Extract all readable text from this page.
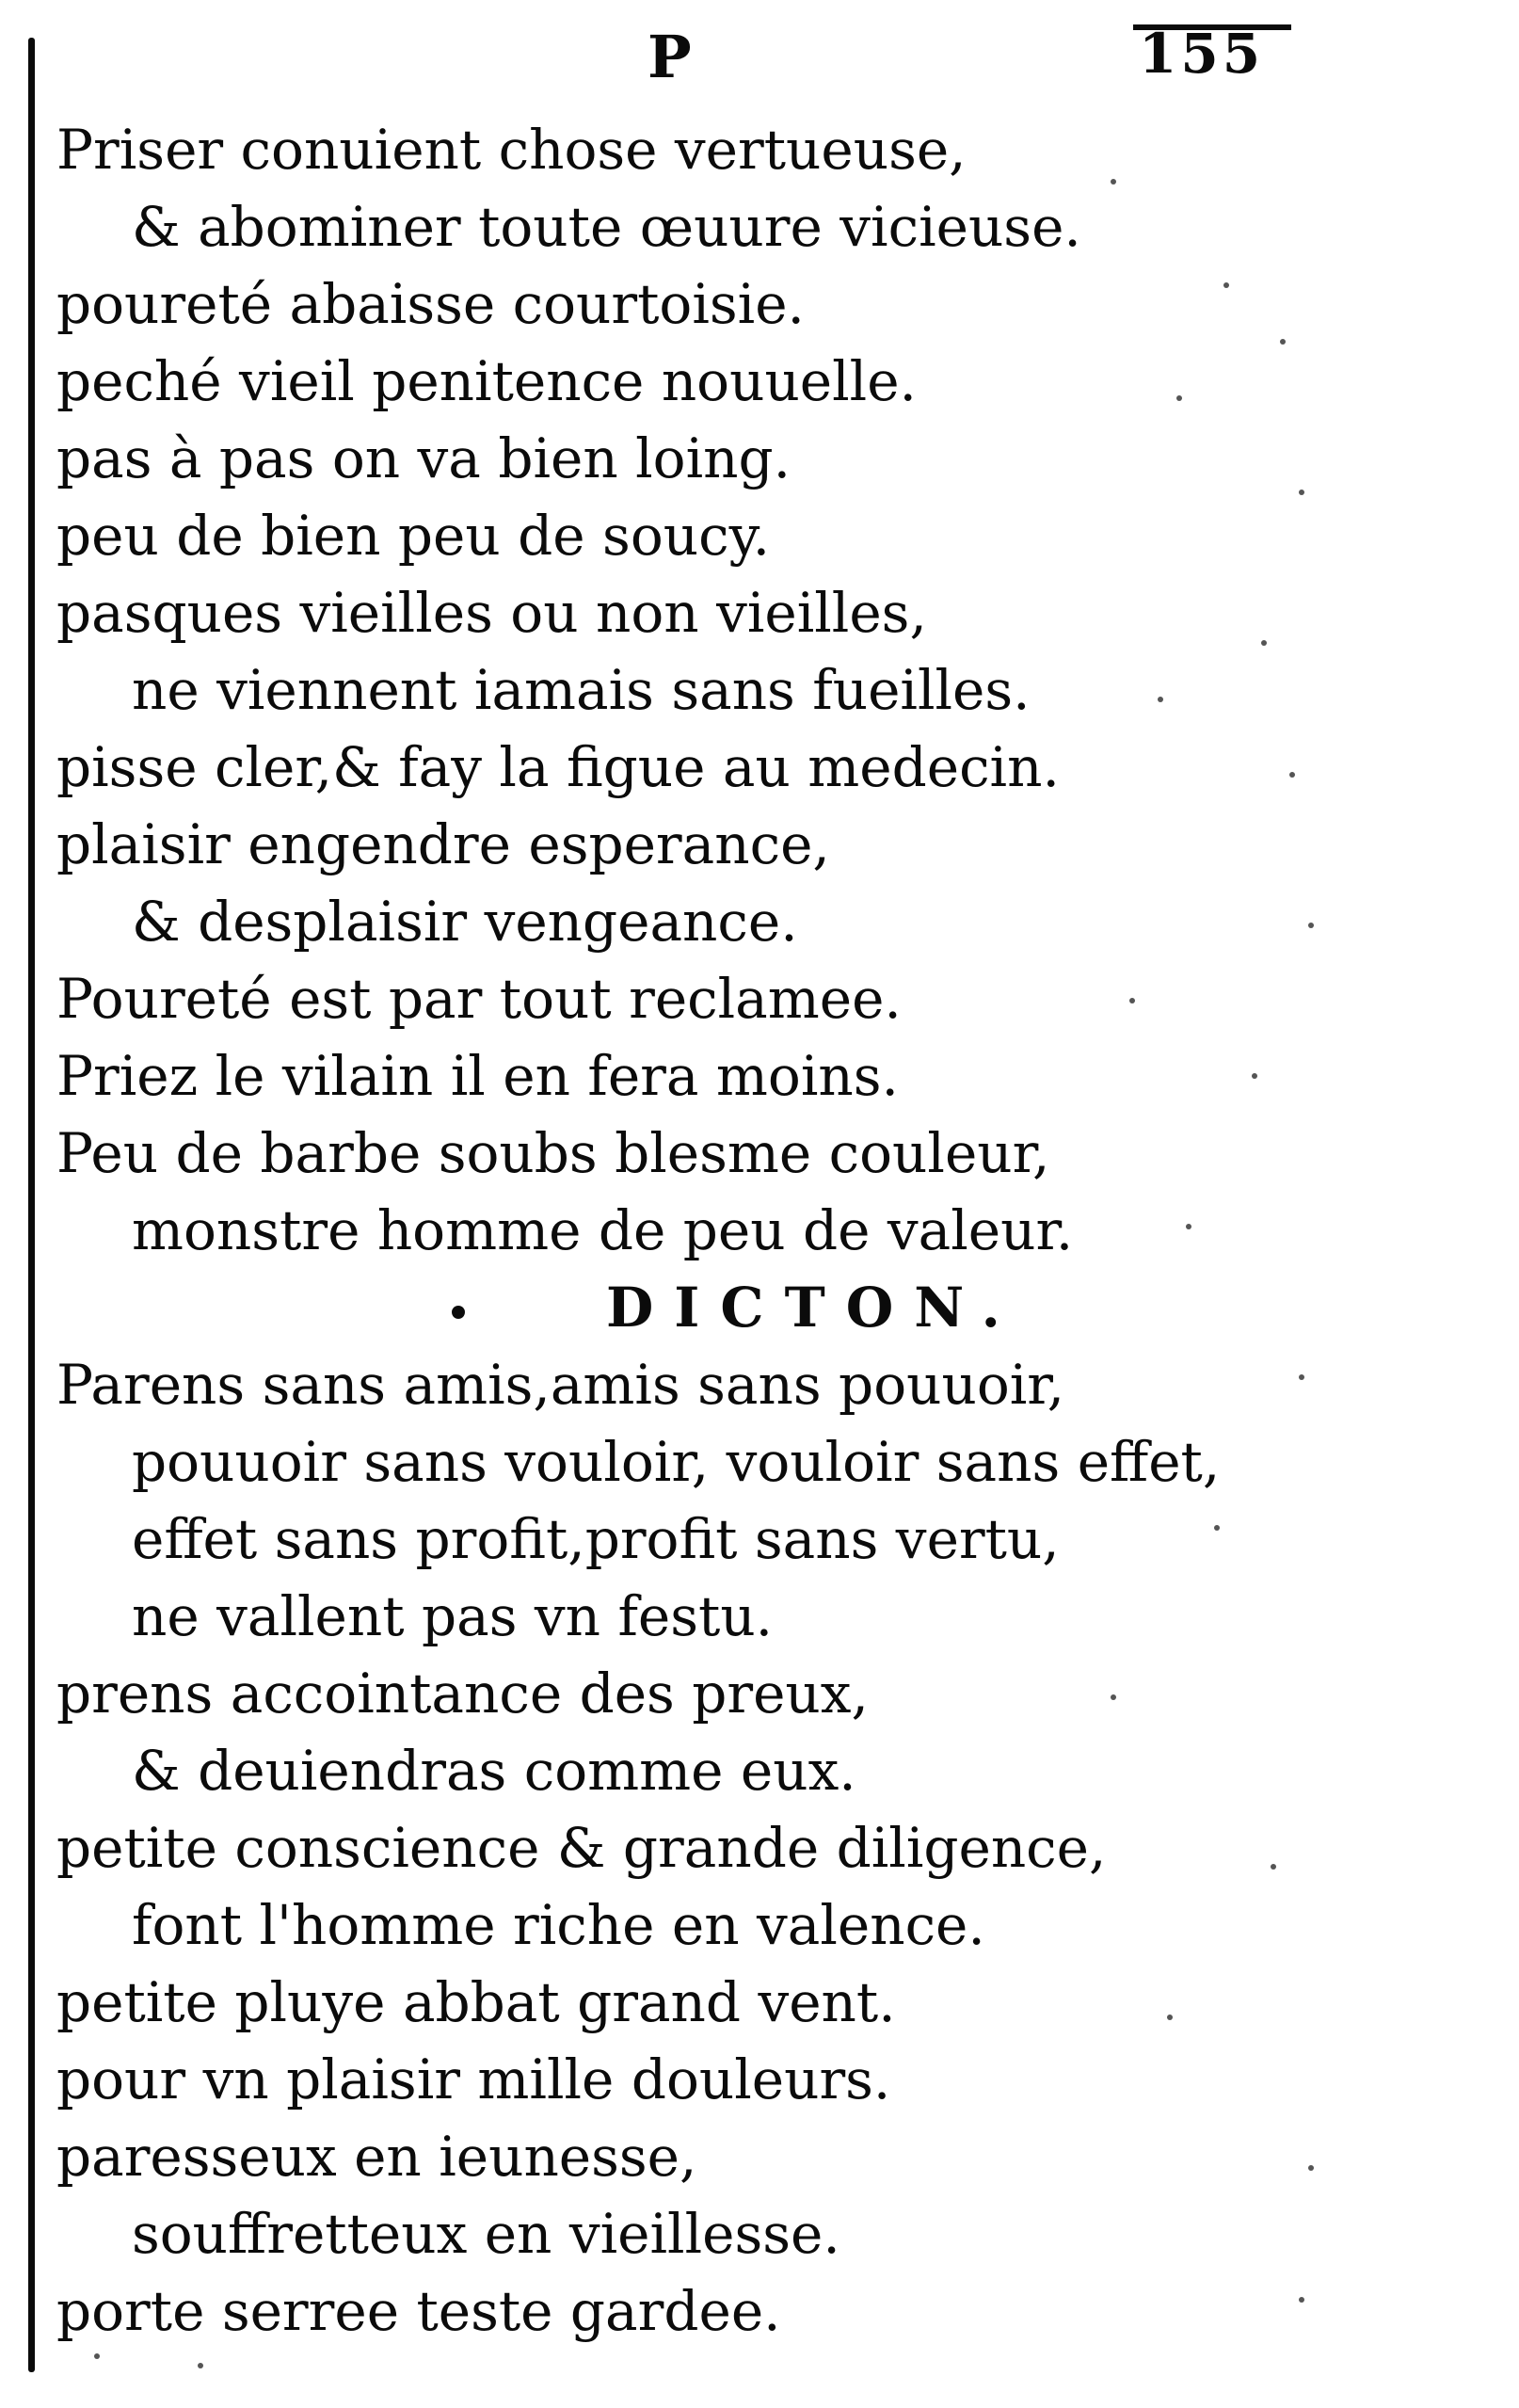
P	155
Priser conuient chose vertueuse,
& abominer toute œuure vicieuse.
poureté abaisse courtoisie.
peché vieil penitence nouuelle.
pas à pas on va bien loing.
peu de bien peu de soucy.
pasques vieilles ou non vieilles,
ne viennent iamais sans fueilles.
pisse cler,& fay la figue au medecin.
plaisir engendre esperance,
& desplaisir vengeance.
Poureté est par tout reclamee.
Priez le vilain il en fera moins.
Peu de barbe soubs blesme couleur,
monstre homme de peu de valeur.
DICTON.
Parens sans amis,amis sans pouuoir,
pouuoir sans vouloir, vouloir sans effet,
effet sans profit,profit sans vertu,
ne vallent pas vn festu.
prens accointance des preux,
& deuiendras comme eux.
petite conscience & grande diligence,
font l'homme riche en valence.
petite pluye abbat grand vent.
pour vn plaisir mille douleurs.
paresseux en ieunesse,
souffretteux en vieillesse.
porte serree teste gardee.
